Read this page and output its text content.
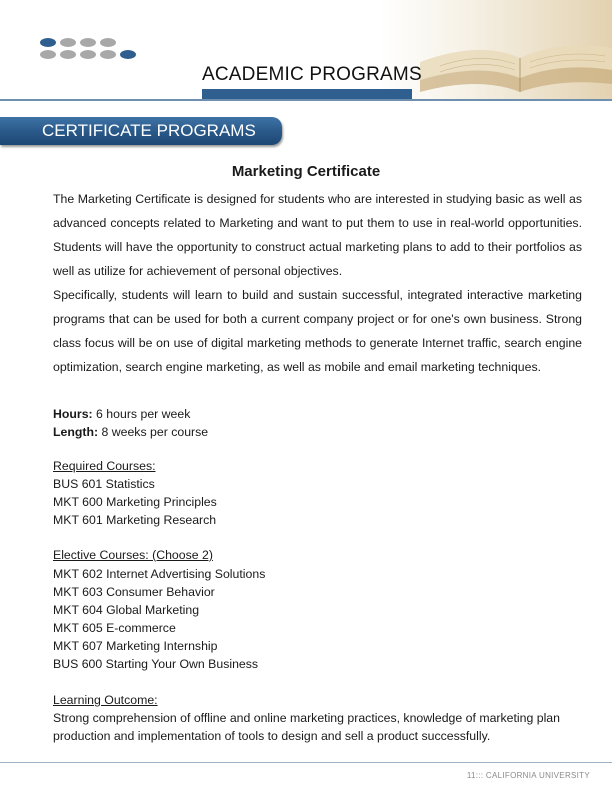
ACADEMIC PROGRAMS
CERTIFICATE PROGRAMS
Marketing Certificate
The Marketing Certificate is designed for students who are interested in studying basic as well as advanced concepts related to Marketing and want to put them to use in real-world opportunities. Students will have the opportunity to construct actual marketing plans to add to their portfolios as well as utilize for achievement of personal objectives.
Specifically, students will learn to build and sustain successful, integrated interactive marketing programs that can be used for both a current company project or for one's own business. Strong class focus will be on use of digital marketing methods to generate Internet traffic, search engine optimization, search engine marketing, as well as mobile and email marketing techniques.
Hours: 6 hours per week
Length: 8 weeks per course
Required Courses:
BUS 601 Statistics
MKT 600 Marketing Principles
MKT 601 Marketing Research
Elective Courses: (Choose 2)
MKT 602 Internet Advertising Solutions
MKT 603 Consumer Behavior
MKT 604 Global Marketing
MKT 605 E-commerce
MKT 607 Marketing Internship
BUS 600 Starting Your Own Business
Learning Outcome:
Strong comprehension of offline and online marketing practices, knowledge of marketing plan production and implementation of tools to design and sell a product successfully.
11::: CALIFORNIA UNIVERSITY
